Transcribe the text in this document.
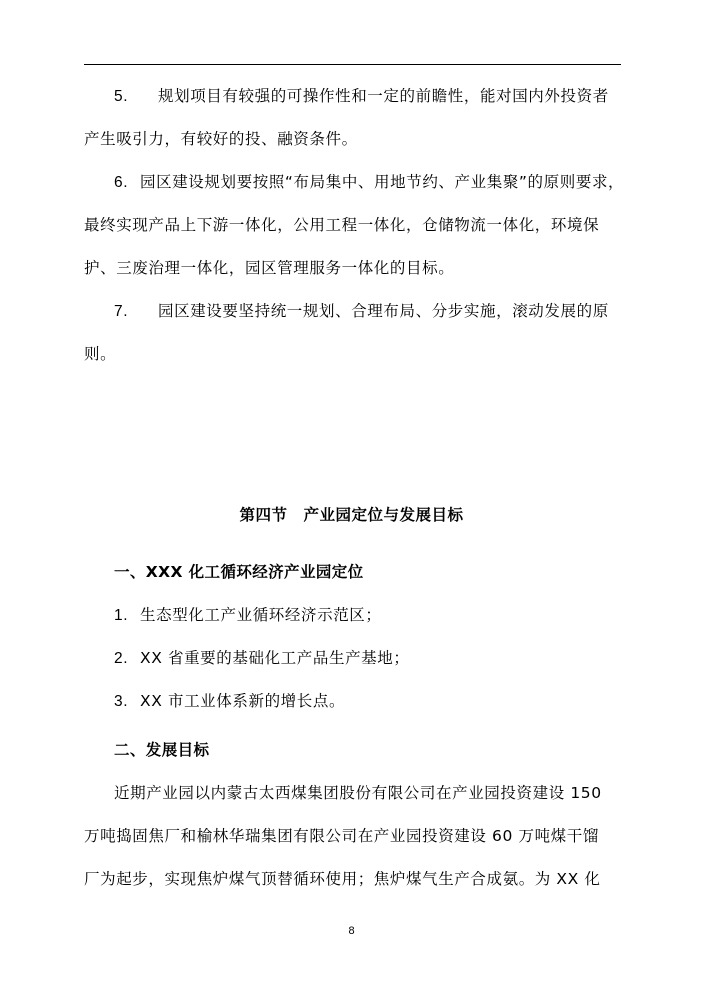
5. 规划项目有较强的可操作性和一定的前瞻性，能对国内外投资者
产生吸引力，有较好的投、融资条件。
6. 园区建设规划要按照“布局集中、用地节约、产业集聚”的原则要求，
最终实现产品上下游一体化，公用工程一体化，仓储物流一体化，环境保
护、三废治理一体化，园区管理服务一体化的目标。
7. 园区建设要坚持统一规划、合理布局、分步实施，滚动发展的原
则。
第四节 产业园定位与发展目标
一、XXX 化工循环经济产业园定位
1. 生态型化工产业循环经济示范区；
2. XX 省重要的基础化工产品生产基地；
3. XX 市工业体系新的增长点。
二、发展目标
近期产业园以内蒙古太西煤集团股份有限公司在产业园投资建设 150
万吨捣固焦厂和榆林华瑞集团有限公司在产业园投资建设 60 万吨煤干馏
厂为起步，实现焦炉煤气顶替循环使用；焦炉煤气生产合成氨。为 XX 化
8
